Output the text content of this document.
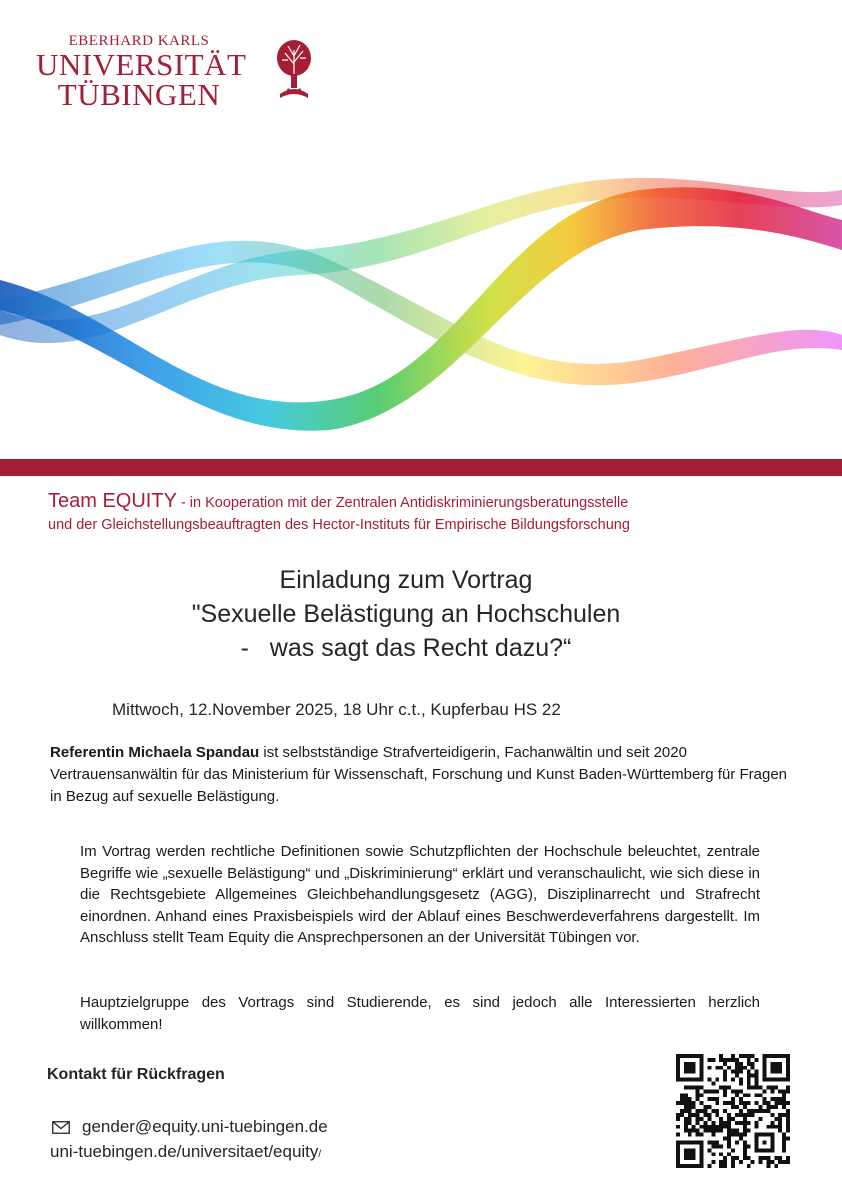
EBERHARD KARLS
UNIVERSITÄT
TÜBINGEN
Team EQUITY - in Kooperation mit der Zentralen Antidiskriminierungsberatungsstelle
und der Gleichstellungsbeauftragten des Hector-Instituts für Empirische Bildungsforschung
Einladung zum Vortrag
"Sexuelle Belästigung an Hochschulen
-   was sagt das Recht dazu?“
Mittwoch, 12.November 2025, 18 Uhr c.t., Kupferbau HS 22
Referentin Michaela Spandau ist selbstständige Strafverteidigerin, Fachanwältin und seit 2020 Vertrauensanwältin für das Ministerium für Wissenschaft, Forschung und Kunst Baden-Württemberg für Fragen in Bezug auf sexuelle Belästigung.
Im Vortrag werden rechtliche Definitionen sowie Schutzpflichten der Hochschule beleuchtet, zentrale Begriffe wie „sexuelle Belästigung“ und „Diskriminierung“ erklärt und veranschaulicht, wie sich diese in die Rechtsgebiete Allgemeines Gleichbehandlungsgesetz (AGG), Disziplinarrecht und Strafrecht einordnen. Anhand eines Praxisbeispiels wird der Ablauf eines Beschwerdeverfahrens dargestellt. Im Anschluss stellt Team Equity die Ansprechpersonen an der Universität Tübingen vor.
Hauptzielgruppe des Vortrags sind Studierende, es sind jedoch alle Interessierten herzlich willkommen!
Kontakt für Rückfragen
gender@equity.uni-tuebingen.de
uni-tuebingen.de/universitaet/equity/
